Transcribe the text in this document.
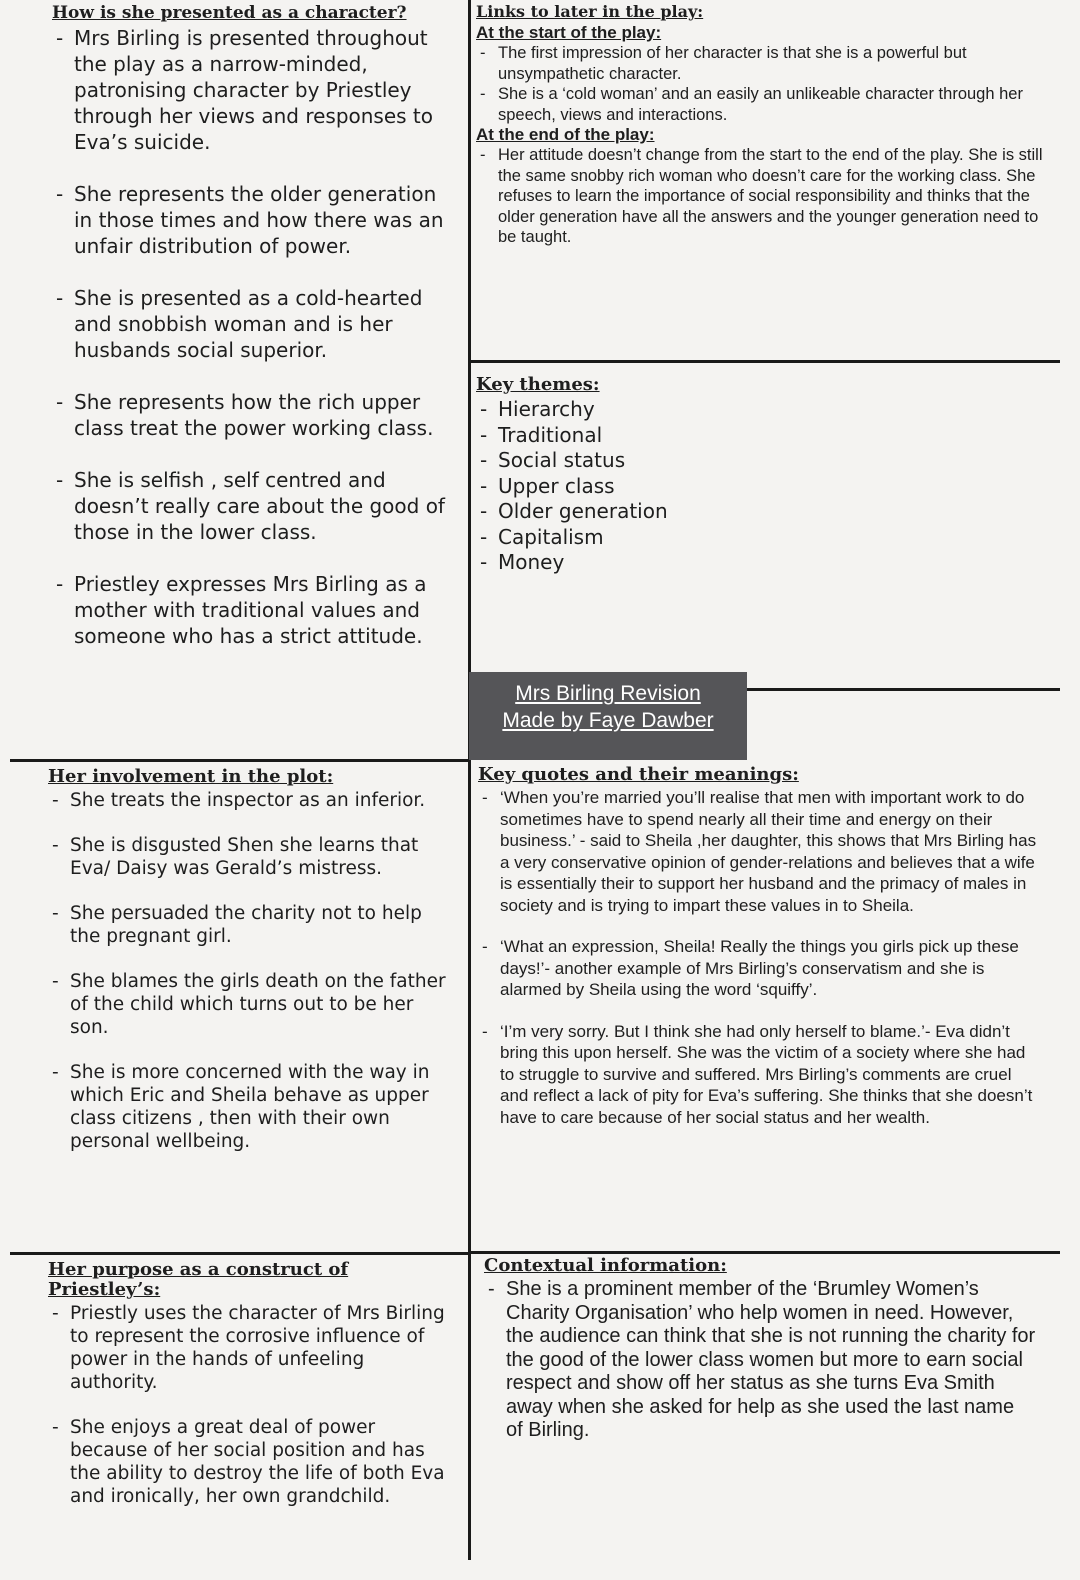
How is she presented as a character?
- Mrs Birling is presented throughout the play as a narrow-minded, patronising character by Priestley through her views and responses to Eva’s suicide.
- She represents the older generation in those times and how there was an unfair distribution of power.
- She is presented as a cold-hearted and snobbish woman and is her husbands social superior.
- She represents how the rich upper class treat the power working class.
- She is selfish , self centred and doesn’t really care about the good of those in the lower class.
- Priestley expresses Mrs Birling as a mother with traditional values and someone who has a strict attitude.
Links to later in the play:
At the start of the play:
- The first impression of her character is that she is a powerful but unsympathetic character.
- She is a ‘cold woman’ and an easily an unlikeable character through her speech, views and interactions.
At the end of the play:
- Her attitude doesn’t change from the start to the end of the play. She is still the same snobby rich woman who doesn’t care for the working class. She refuses to learn the importance of social responsibility and thinks that the older generation have all the answers and the younger generation need to be taught.
Key themes:
- Hierarchy
- Traditional
- Social status
- Upper class
- Older generation
- Capitalism
- Money
Mrs Birling Revision
Made by Faye Dawber
Her involvement in the plot:
- She treats the inspector as an inferior.
- She is disgusted Shen she learns that Eva/ Daisy was Gerald’s mistress.
- She persuaded the charity not to help the pregnant girl.
- She blames the girls death on the father of the child which turns out to be her son.
- She is more concerned with the way in which Eric and Sheila behave as upper class citizens , then with their own personal wellbeing.
Key quotes and their meanings:
- ‘When you’re married you’ll realise that men with important work to do sometimes have to spend nearly all their time and energy on their business.’ - said to Sheila ,her daughter, this shows that Mrs Birling has a very conservative opinion of gender-relations and believes that a wife is essentially their to support her husband and the primacy of males in society and is trying to impart these values in to Sheila.
- ‘What an expression, Sheila! Really the things you girls pick up these days!’- another example of Mrs Birling’s conservatism and she is alarmed by Sheila using the word ‘squiffy’.
- ‘I’m very sorry. But I think she had only herself to blame.’- Eva didn’t bring this upon herself. She was the victim of a society where she had to struggle to survive and suffered. Mrs Birling’s comments are cruel and reflect a lack of pity for Eva’s suffering. She thinks that she doesn’t have to care because of her social status and her wealth.
Her purpose as a construct of Priestley’s:
- Priestly uses the character of Mrs Birling to represent the corrosive influence of power in the hands of unfeeling authority.
- She enjoys a great deal of power because of her social position and has the ability to destroy the life of both Eva and ironically, her own grandchild.
Contextual information:
- She is a prominent member of the ‘Brumley Women’s Charity Organisation’ who help women in need. However, the audience can think that she is not running the charity for the good of the lower class women but more to earn social respect and show off her status as she turns Eva Smith away when she asked for help as she used the last name of Birling.
